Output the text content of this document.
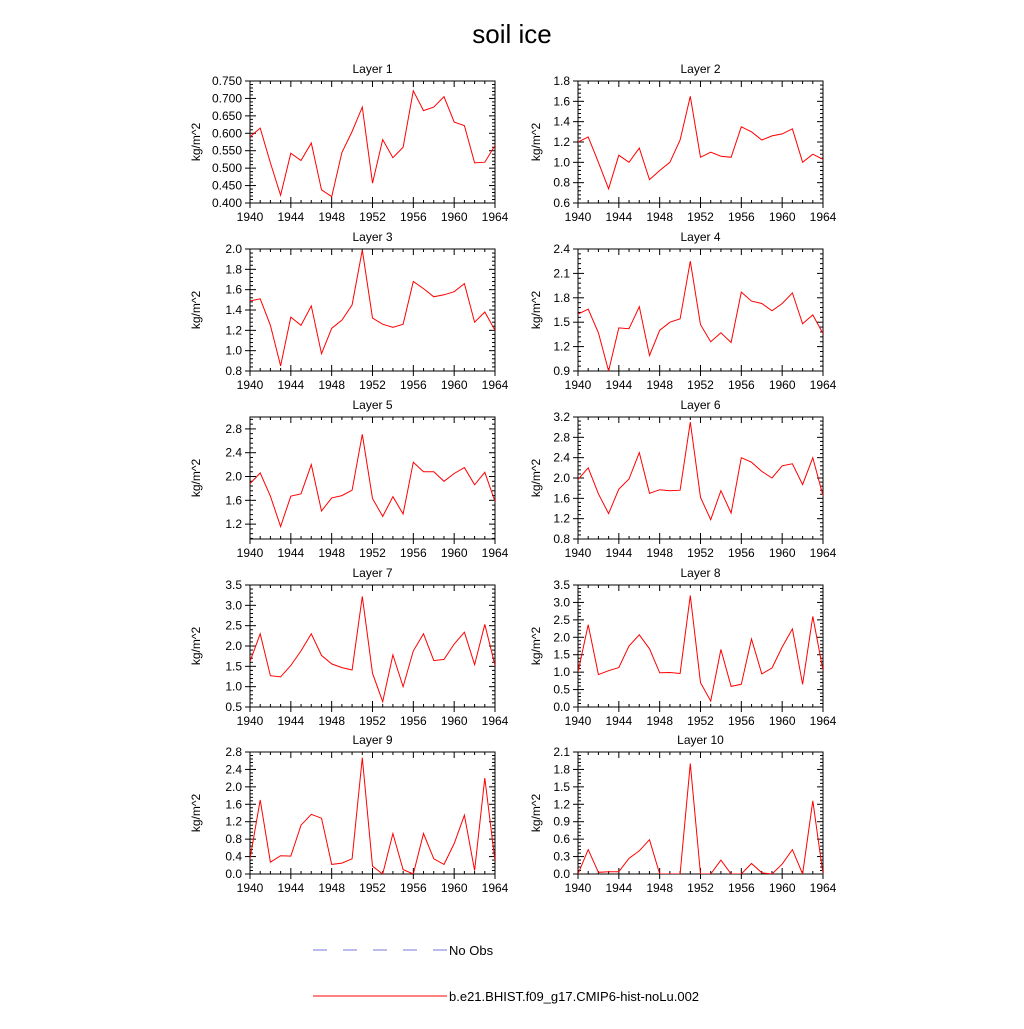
soil ice
Layer 1
1940 1944 1948 1952 1956 1960 1964
0.400
0.450
0.500
0.550
0.600
0.650
0.700
0.750
kg/m^2
Layer 2
1940 1944 1948 1952 1956 1960 1964
0.6
0.8
1.0
1.2
1.4
1.6
1.8
kg/m^2
Layer 3
1940 1944 1948 1952 1956 1960 1964
0.8
1.0
1.2
1.4
1.6
1.8
2.0
kg/m^2
Layer 4
1940 1944 1948 1952 1956 1960 1964
0.9
1.2
1.5
1.8
2.1
2.4
kg/m^2
Layer 5
1940 1944 1948 1952 1956 1960 1964
1.2
1.6
2.0
2.4
2.8
kg/m^2
Layer 6
1940 1944 1948 1952 1956 1960 1964
0.8
1.2
1.6
2.0
2.4
2.8
3.2
kg/m^2
Layer 7
1940 1944 1948 1952 1956 1960 1964
0.5
1.0
1.5
2.0
2.5
3.0
3.5
kg/m^2
Layer 8
1940 1944 1948 1952 1956 1960 1964
0.0
0.5
1.0
1.5
2.0
2.5
3.0
3.5
kg/m^2
Layer 9
1940 1944 1948 1952 1956 1960 1964
0.0
0.4
0.8
1.2
1.6
2.0
2.4
2.8
kg/m^2
Layer 10
1940 1944 1948 1952 1956 1960 1964
0.0
0.3
0.6
0.9
1.2
1.5
1.8
2.1
kg/m^2
No Obs
b.e21.BHIST.f09_g17.CMIP6-hist-noLu.002
